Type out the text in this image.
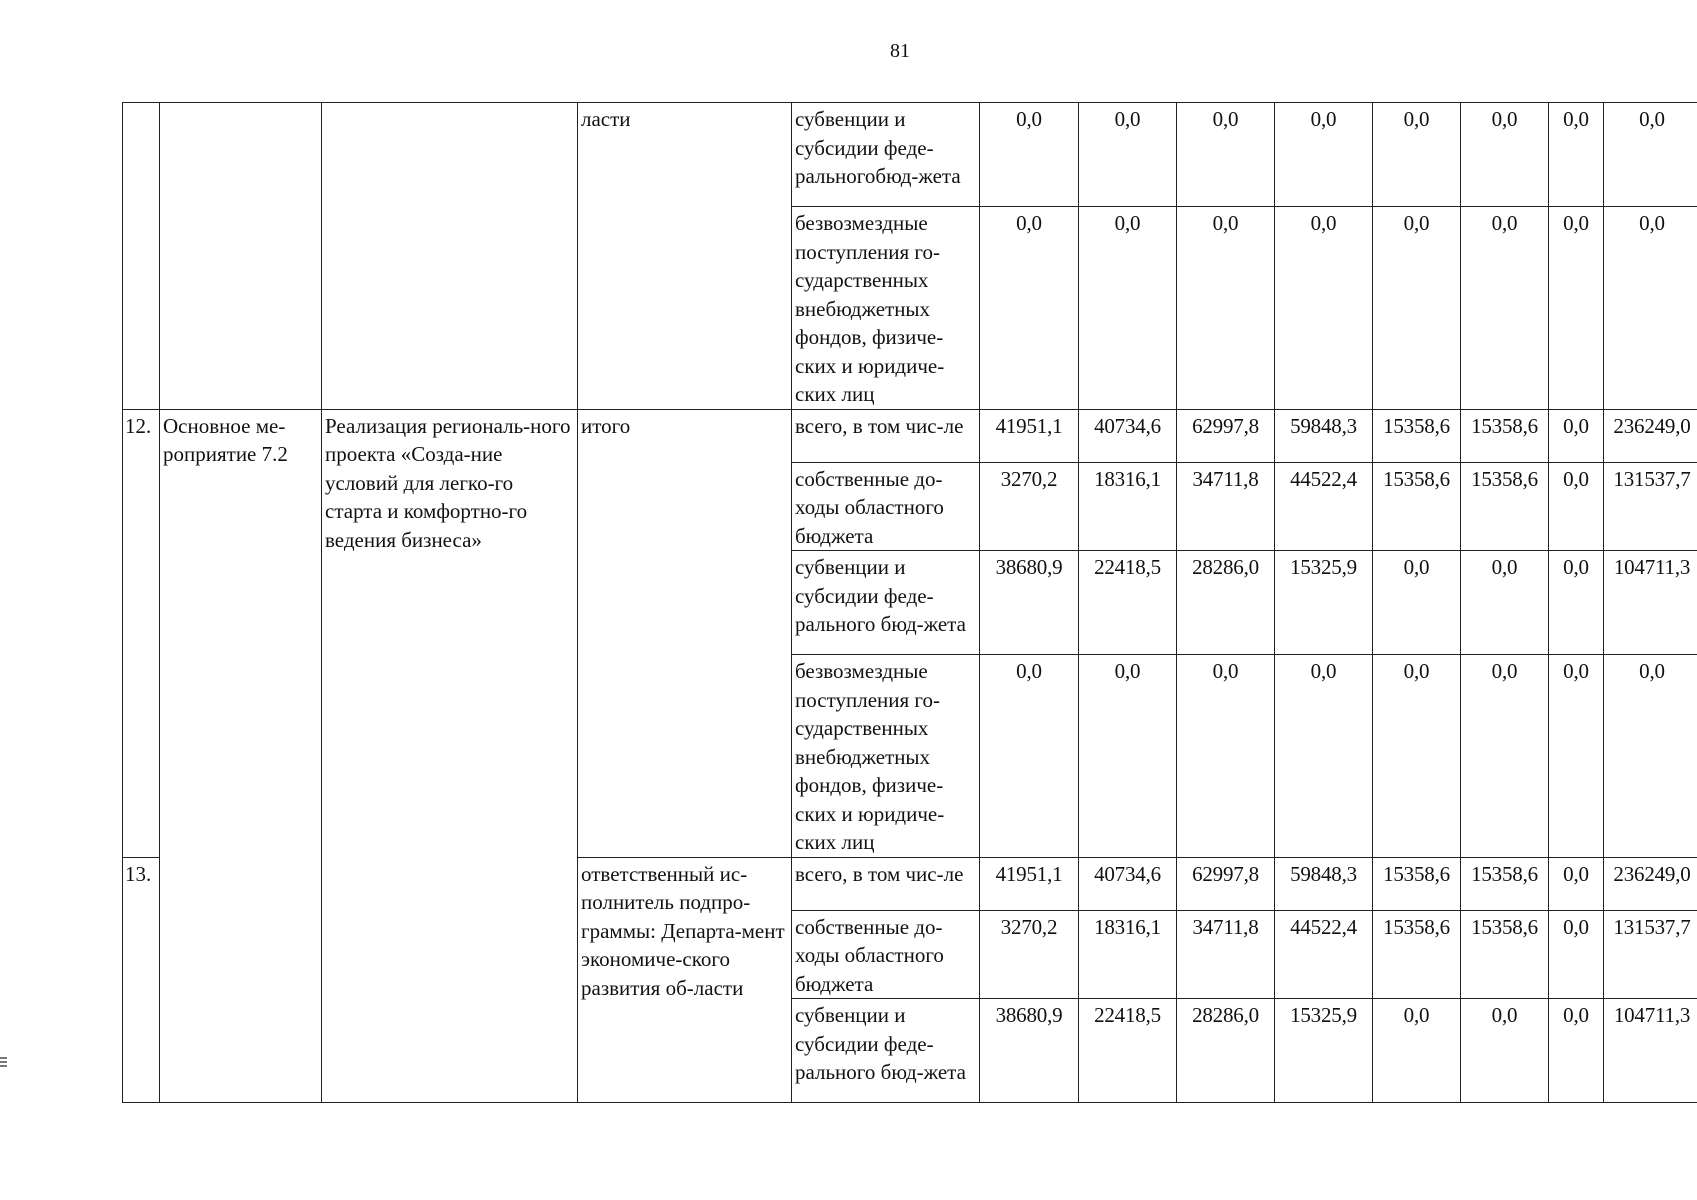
81
			ласти	субвенции и субсидии феде-ральногобюд-жета	0,0	0,0	0,0	0,0	0,0	0,0	0,0	0,0
				безвозмездные поступления го-сударственных внебюджетных фондов, физиче-ских и юридиче-ских лиц	0,0	0,0	0,0	0,0	0,0	0,0	0,0	0,0
12.	Основное ме-роприятие 7.2	Реализация региональ-ного проекта «Созда-ние условий для легко-го старта и комфортно-го ведения бизнеса»	итого	всего, в том чис-ле	41951,1	40734,6	62997,8	59848,3	15358,6	15358,6	0,0	236249,0
				собственные до-ходы областного бюджета	3270,2	18316,1	34711,8	44522,4	15358,6	15358,6	0,0	131537,7
				субвенции и субсидии феде-рального бюд-жета	38680,9	22418,5	28286,0	15325,9	0,0	0,0	0,0	104711,3
				безвозмездные поступления го-сударственных внебюджетных фондов, физиче-ских и юридиче-ских лиц	0,0	0,0	0,0	0,0	0,0	0,0	0,0	0,0
13.			ответственный ис-полнитель подпро-граммы: Департа-мент экономиче-ского развития об-ласти	всего, в том чис-ле	41951,1	40734,6	62997,8	59848,3	15358,6	15358,6	0,0	236249,0
				собственные до-ходы областного бюджета	3270,2	18316,1	34711,8	44522,4	15358,6	15358,6	0,0	131537,7
				субвенции и субсидии феде-рального бюд-жета	38680,9	22418,5	28286,0	15325,9	0,0	0,0	0,0	104711,3
